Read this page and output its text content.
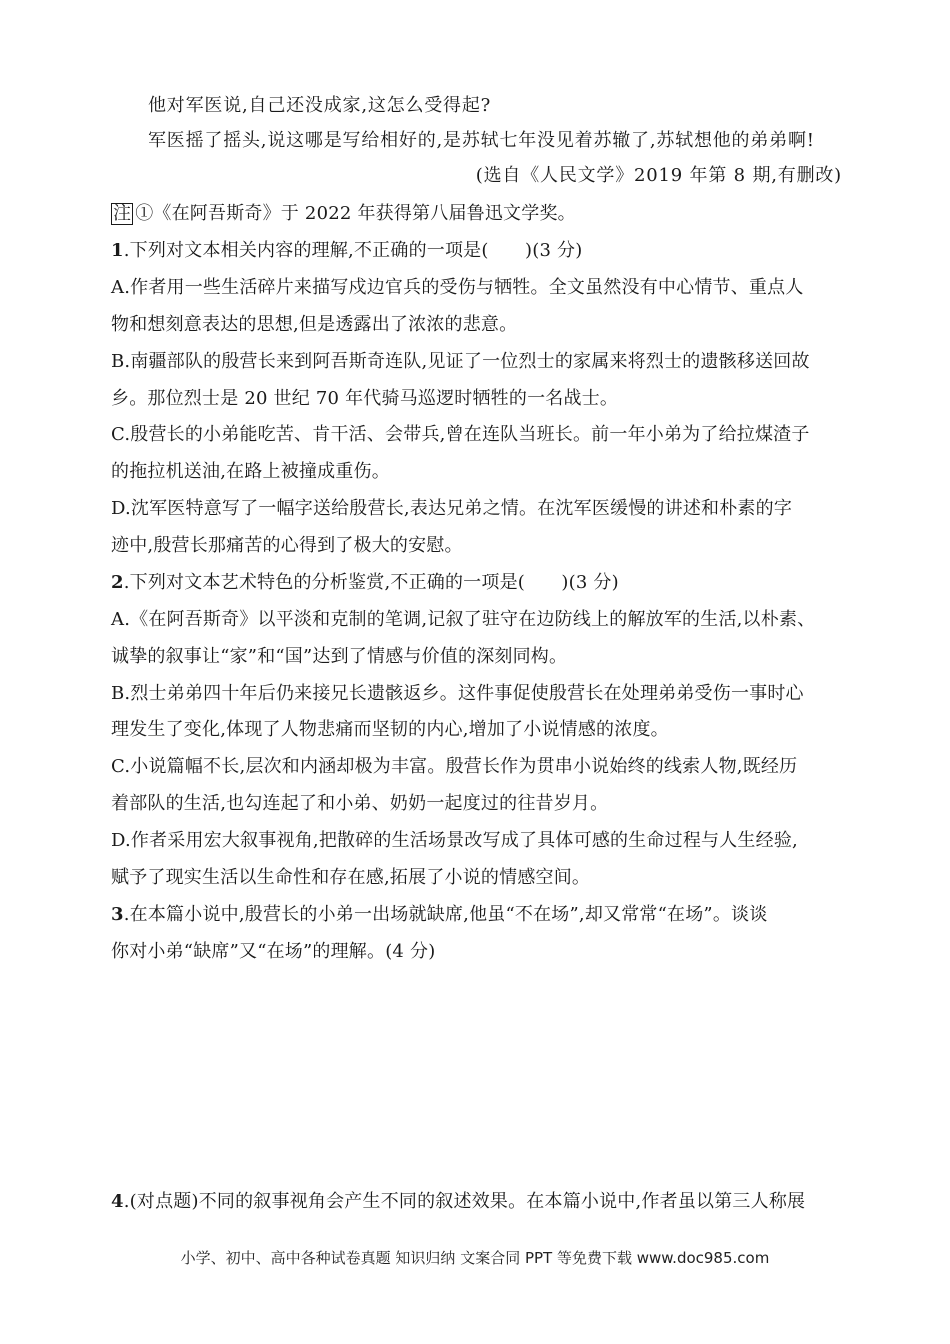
他对军医说,自己还没成家,这怎么受得起?
军医摇了摇头,说这哪是写给相好的,是苏轼七年没见着苏辙了,苏轼想他的弟弟啊!
(选自《人民文学》2019 年第 8 期,有删改)
注 ①《在阿吾斯奇》于 2022 年获得第八届鲁迅文学奖。
1.下列对文本相关内容的理解,不正确的一项是(　　)(3 分)
A.作者用一些生活碎片来描写戍边官兵的受伤与牺牲。全文虽然没有中心情节、重点人
物和想刻意表达的思想,但是透露出了浓浓的悲意。
B.南疆部队的殷营长来到阿吾斯奇连队,见证了一位烈士的家属来将烈士的遗骸移送回故
乡。那位烈士是 20 世纪 70 年代骑马巡逻时牺牲的一名战士。
C.殷营长的小弟能吃苦、肯干活、会带兵,曾在连队当班长。前一年小弟为了给拉煤渣子
的拖拉机送油,在路上被撞成重伤。
D.沈军医特意写了一幅字送给殷营长,表达兄弟之情。在沈军医缓慢的讲述和朴素的字
迹中,殷营长那痛苦的心得到了极大的安慰。
2.下列对文本艺术特色的分析鉴赏,不正确的一项是(　　)(3 分)
A.《在阿吾斯奇》以平淡和克制的笔调,记叙了驻守在边防线上的解放军的生活,以朴素、
诚挚的叙事让“家”和“国”达到了情感与价值的深刻同构。
B.烈士弟弟四十年后仍来接兄长遗骸返乡。这件事促使殷营长在处理弟弟受伤一事时心
理发生了变化,体现了人物悲痛而坚韧的内心,增加了小说情感的浓度。
C.小说篇幅不长,层次和内涵却极为丰富。殷营长作为贯串小说始终的线索人物,既经历
着部队的生活,也勾连起了和小弟、奶奶一起度过的往昔岁月。
D.作者采用宏大叙事视角,把散碎的生活场景改写成了具体可感的生命过程与人生经验,
赋予了现实生活以生命性和存在感,拓展了小说的情感空间。
3.在本篇小说中,殷营长的小弟一出场就缺席,他虽“不在场”,却又常常“在场”。谈谈
你对小弟“缺席”又“在场”的理解。(4 分)
4.(对点题)不同的叙事视角会产生不同的叙述效果。在本篇小说中,作者虽以第三人称展
小学、初中、高中各种试卷真题 知识归纳 文案合同 PPT 等免费下载 www.doc985.com
